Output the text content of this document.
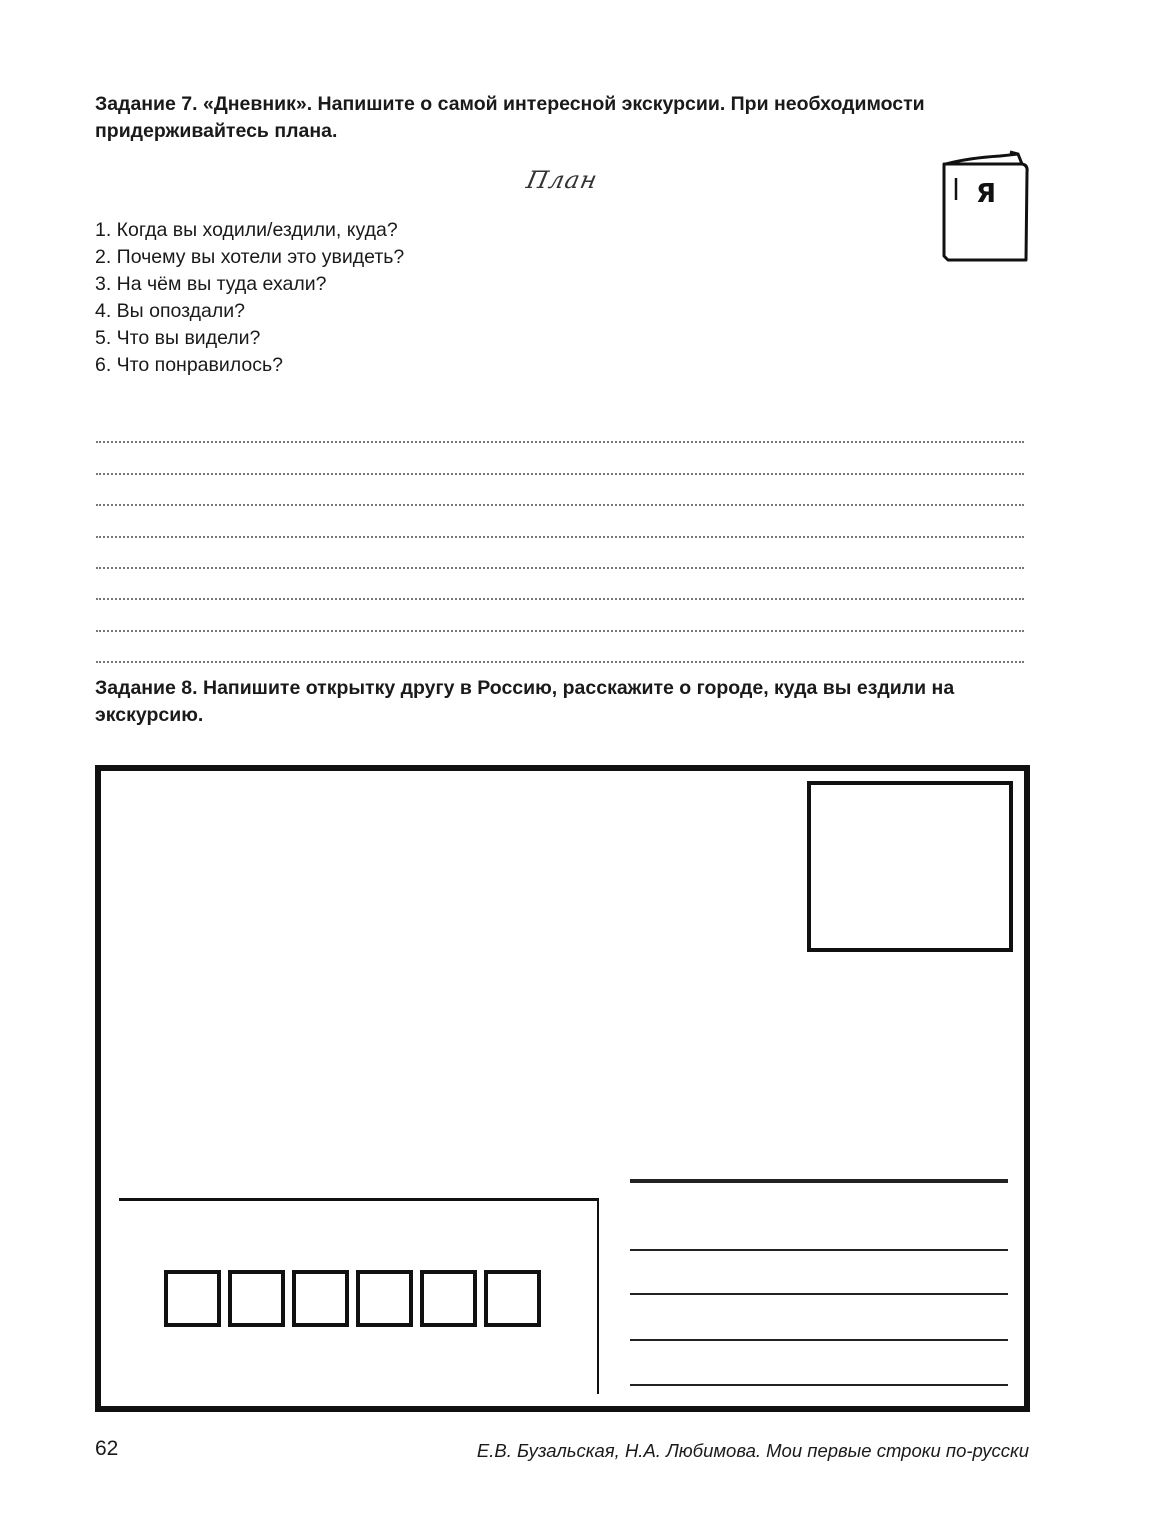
Задание 7. «Дневник». Напишите о самой интересной экскурсии. При необходимости придерживайтесь плана.
План	Я
1. Когда вы ходили/ездили, куда?
2. Почему вы хотели это увидеть?
3. На чём вы туда ехали?
4. Вы опоздали?
5. Что вы видели?
6. Что понравилось?
Задание 8. Напишите открытку другу в Россию, расскажите о городе, куда вы ездили на экскурсию.
62	Е.В. Бузальская, Н.А. Любимова. Мои первые строки по-русски
